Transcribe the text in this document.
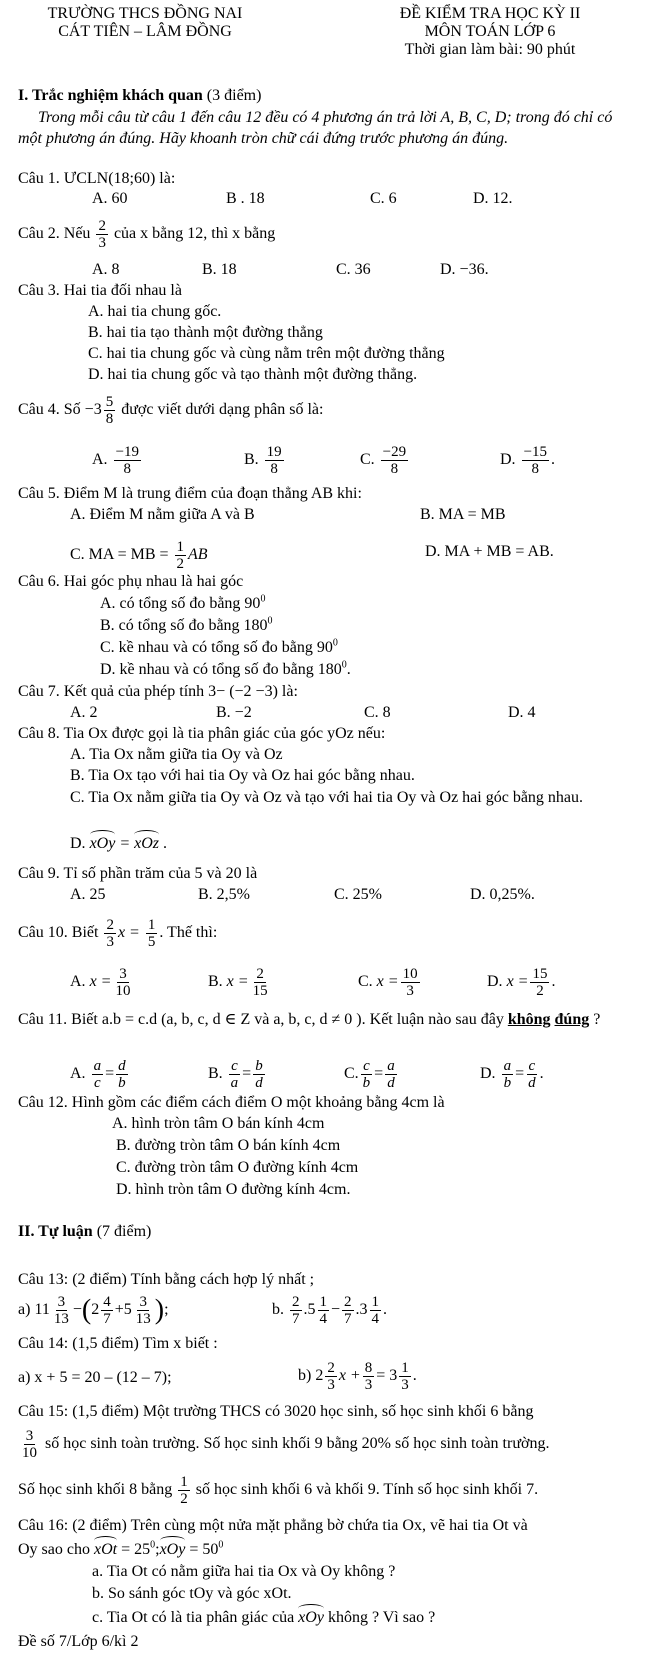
TRƯỜNG THCS ĐỒNG NAI
CÁT TIÊN – LÂM ĐỒNG
ĐỀ KIỂM TRA HỌC KỲ II
MÔN TOÁN LỚP 6
Thời gian làm bài: 90 phút
I. Trắc nghiệm khách quan (3 điểm)
Trong mỗi câu từ câu 1 đến câu 12 đều có 4 phương án trả lời A, B, C, D; trong đó chỉ có một phương án đúng. Hãy khoanh tròn chữ cái đứng trước phương án đúng.
Câu 1. ƯCLN(18;60) là:
A. 60	B . 18	C. 6	D. 12.
Câu 2. Nếu $\frac{2}{3}$ của x bằng 12, thì x bằng
A. 8	B. 18	C. 36	D. −36.
Câu 3. Hai tia đối nhau là
A. hai tia chung gốc.
B. hai tia tạo thành một đường thẳng
C. hai tia chung gốc và cùng nằm trên một đường thẳng
D. hai tia chung gốc và tạo thành một đường thẳng.
Câu 4. Số $-3 \frac{5}{8}$ được viết dưới dạng phân số là:
A. $\frac{-19}{8}$	B. $\frac{19}{8}$	C. $\frac{-29}{8}$	D. $\frac{-15}{8}$ .
Câu 5. Điểm M là trung điểm của đoạn thẳng AB khi:
A. Điểm M nằm giữa A và B	B. MA = MB
C. MA = MB = $\frac{1}{2}$ AB	D. MA + MB = AB.
Câu 6. Hai góc phụ nhau là hai góc
A. có tổng số đo bằng $90^0$
B. có tổng số đo bằng $180^0$
C. kề nhau và có tổng số đo bằng $90^0$
D. kề nhau và có tổng số đo bằng $180^0$.
Câu 7. Kết quả của phép tính 3− (−2 −3) là:
A. 2	B. −2	C. 8	D. 4
Câu 8. Tia Ox được gọi là tia phân giác của góc yOz nếu:
A. Tia Ox nằm giữa tia Oy và Oz
B. Tia Ox tạo với hai tia Oy và Oz hai góc bằng nhau.
C. Tia Ox nằm giữa tia Oy và Oz và tạo với hai tia Oy và Oz hai góc bằng nhau.
D. xOy = xOz .
Câu 9. Tỉ số phần trăm của 5 và 20 là
A. 25	B. 2,5%	C. 25%	D. 0,25%.
Câu 10. Biết $\frac{2}{3}$ $x = \frac{1}{5}$ . Thế thì:
A. $x = \frac{3}{10}$	B. $x = \frac{2}{15}$	C. $x = \frac{10}{3}$	D. $x = \frac{15}{2}$ .
Câu 11. Biết a.b = c.d (a, b, c, d ∈ Z và a, b, c, d ≠ 0 ). Kết luận nào sau đây không đúng ?
A. $\frac{a}{c} = \frac{d}{b}$	B. $\frac{c}{a} = \frac{b}{d}$	C. $\frac{c}{b} = \frac{a}{d}$	D. $\frac{a}{b} = \frac{c}{d}$ .
Câu 12. Hình gồm các điểm cách điểm O một khoảng bằng 4cm là
A. hình tròn tâm O bán kính 4cm
B. đường tròn tâm O bán kính 4cm
C. đường tròn tâm O đường kính 4cm
D. hình tròn tâm O đường kính 4cm.
II. Tự luận (7 điểm)
Câu 13: (2 điểm) Tính bằng cách hợp lý nhất ;
a) $11 \frac{3}{13} -(2 \frac{4}{7} +5 \frac{3}{13}$ );	b. $\frac{2}{7} .5 \frac{1}{4} - \frac{2}{7} .3 \frac{1}{4}$ .
Câu 14: (1,5 điểm) Tìm x biết :
a) x + 5 = 20 – (12 – 7);	b) $2 \frac{2}{3}$ $x + \frac{8}{3} = 3 \frac{1}{3}$ .
Câu 15: (1,5 điểm) Một trường THCS có 3020 học sinh, số học sinh khối 6 bằng
$\frac{3}{10}$ số học sinh toàn trường. Số học sinh khối 9 bằng 20% số học sinh toàn trường.
Số học sinh khối 8 bằng $\frac{1}{2}$ số học sinh khối 6 và khối 9. Tính số học sinh khối 7.
Câu 16: (2 điểm) Trên cùng một nửa mặt phẳng bờ chứa tia Ox, vẽ hai tia Ot và
Oy sao cho xOt = $25^0;xOy = 50^0$
a. Tia Ot có nằm giữa hai tia Ox và Oy không ?
b. So sánh góc tOy và góc xOt.
c. Tia Ot có là tia phân giác của xOy không ? Vì sao ?
Đề số 7/Lớp 6/kì 2
